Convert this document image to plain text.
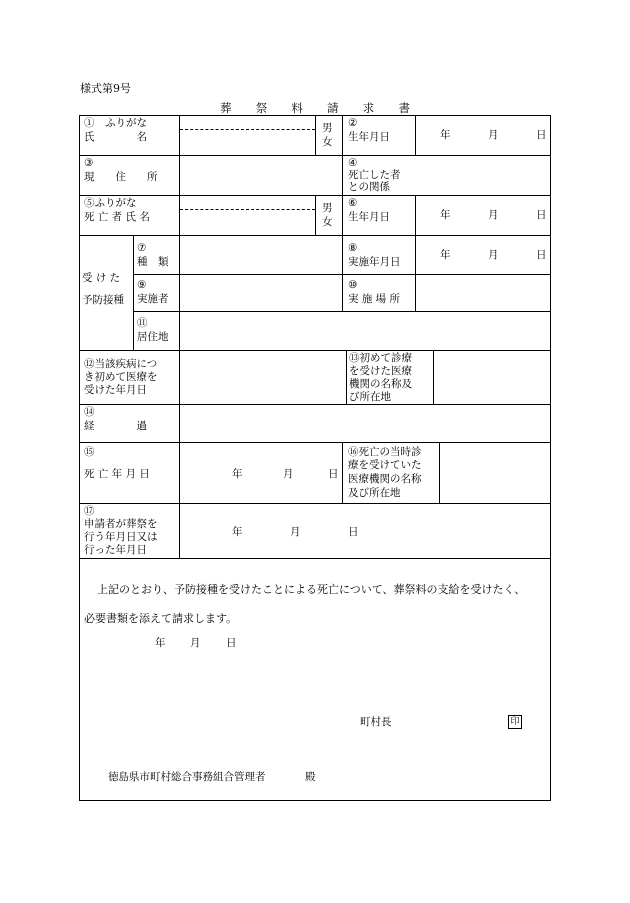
様式第9号
葬 祭 料 請 求 書
①　ふりがな
氏　　　　名
男
女
②
生年月日	年	月	日
③
現　　住　　所
④
死亡した者
との関係
⑤ふりがな
死 亡 者 氏 名
男
女
⑥
生年月日	年	月	日
受 け た
予防接種
⑦
種　類
⑧
実施年月日
年	月	日
⑨
実施者
⑩
実 施 場 所
⑪
居住地
⑫当該疾病につ
き初めて医療を
受けた年月日
⑬初めて診療
を受けた医療
機関の名称及
び所在地
⑭
経　　　　過
⑮
死 亡 年 月 日	年	月	日
⑯死亡の当時診
療を受けていた
医療機関の名称
及び所在地
⑰
申請者が葬祭を
行う年月日又は
行った年月日
年	月	日
上記のとおり、予防接種を受けたことによる死亡について、葬祭料の支給を受けたく、
必要書類を添えて請求します。
年 月 日
町村長	印
徳島県市町村総合事務組合管理者	殿
